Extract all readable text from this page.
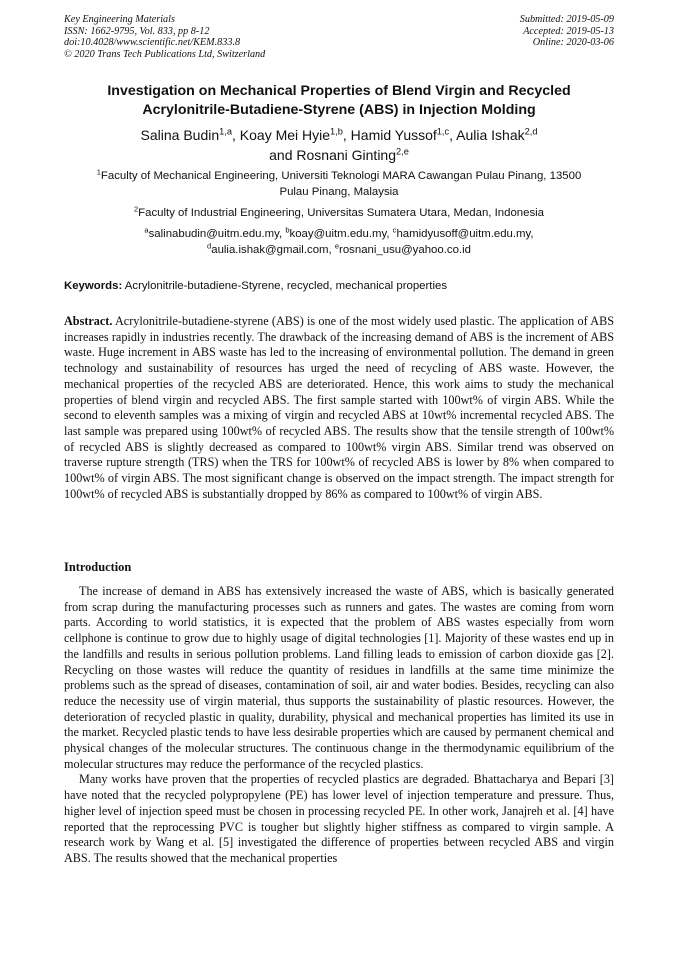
Key Engineering Materials
ISSN: 1662-9795, Vol. 833, pp 8-12
doi:10.4028/www.scientific.net/KEM.833.8
© 2020 Trans Tech Publications Ltd, Switzerland
Submitted: 2019-05-09
Accepted: 2019-05-13
Online: 2020-03-06
Investigation on Mechanical Properties of Blend Virgin and Recycled
Acrylonitrile-Butadiene-Styrene (ABS) in Injection Molding
Salina Budin$^{1,a}$, Koay Mei Hyie$^{1,b}$, Hamid Yussof$^{1,c}$, Aulia Ishak$^{2,d}$
and Rosnani Ginting$^{2,e}$
$^1$Faculty of Mechanical Engineering, Universiti Teknologi MARA Cawangan Pulau Pinang, 13500
Pulau Pinang, Malaysia
$^2$Faculty of Industrial Engineering, Universitas Sumatera Utara, Medan, Indonesia
$^a$salinabudin@uitm.edu.my, $^b$koay@uitm.edu.my, $^c$hamidyusoff@uitm.edu.my,
$^d$aulia.ishak@gmail.com, $^e$rosnani_usu@yahoo.co.id
Keywords: Acrylonitrile-butadiene-Styrene, recycled, mechanical properties

Abstract. Acrylonitrile-butadiene-styrene (ABS) is one of the most widely used plastic. The application of ABS increases rapidly in industries recently. The drawback of the increasing demand of ABS is the increment of ABS waste. Huge increment in ABS waste has led to the increasing of environmental pollution. The demand in green technology and sustainability of resources has urged the need of recycling of ABS waste. However, the mechanical properties of the recycled ABS are deteriorated. Hence, this work aims to study the mechanical properties of blend virgin and recycled ABS. The first sample started with 100wt% of virgin ABS. While the second to eleventh samples was a mixing of virgin and recycled ABS at 10wt% incremental recycled ABS. The last sample was prepared using 100wt% of recycled ABS. The results show that the tensile strength of 100wt% of recycled ABS is slightly decreased as compared to 100wt% virgin ABS. Similar trend was observed on traverse rupture strength (TRS) when the TRS for 100wt% of recycled ABS is lower by 8% when compared to 100wt% of virgin ABS. The most significant change is observed on the impact strength. The impact strength for 100wt% of recycled ABS is substantially dropped by 86% as compared to 100wt% of virgin ABS.

Introduction

The increase of demand in ABS has extensively increased the waste of ABS, which is basically generated from scrap during the manufacturing processes such as runners and gates. The wastes are coming from worn parts. According to world statistics, it is expected that the problem of ABS wastes especially from worn cellphone is continue to grow due to highly usage of digital technologies [1]. Majority of these wastes end up in the landfills and results in serious pollution problems. Land filling leads to emission of carbon dioxide gas [2]. Recycling on those wastes will reduce the quantity of residues in landfills at the same time minimize the problems such as the spread of diseases, contamination of soil, air and water bodies. Besides, recycling can also reduce the necessity use of virgin material, thus supports the sustainability of plastic resources. However, the deterioration of recycled plastic in quality, durability, physical and mechanical properties has limited its use in the market. Recycled plastic tends to have less desirable properties which are caused by permanent chemical and physical changes of the molecular structures. The continuous change in the thermodynamic equilibrium of the molecular structures may reduce the performance of the recycled plastics.

Many works have proven that the properties of recycled plastics are degraded. Bhattacharya and Bepari [3] have noted that the recycled polypropylene (PE) has lower level of injection temperature and pressure. Thus, higher level of injection speed must be chosen in processing recycled PE. In other work, Janajreh et al. [4] have reported that the reprocessing PVC is tougher but slightly higher stiffness as compared to virgin sample. A research work by Wang et al. [5] investigated the difference of properties between recycled ABS and virgin ABS. The results showed that the mechanical properties
